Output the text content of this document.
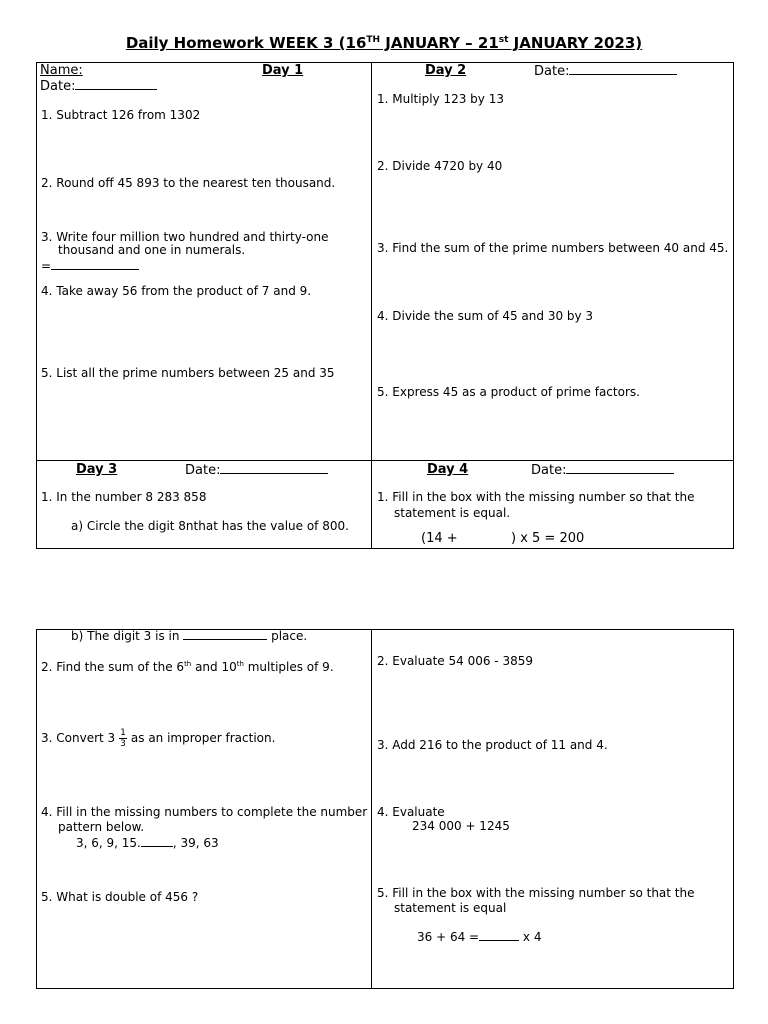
Daily Homework WEEK 3 (16TH JANUARY – 21st JANUARY 2023)
Name:	Day 1
Date:
1. Subtract 126 from 1302
2. Round off 45 893 to the nearest ten thousand.
3. Write four million two hundred and thirty-one
thousand and one in numerals.
=
4. Take away 56 from the product of 7 and 9.
5. List all the prime numbers between 25 and 35
Day 2	Date:
1. Multiply 123 by 13
2. Divide 4720 by 40
3. Find the sum of the prime numbers between 40 and 45.
4. Divide the sum of 45 and 30 by 3
5. Express 45 as a product of prime factors.
Day 3	Date:
1. In the number 8 283 858
a) Circle the digit 8nthat has the value of 800.
Day 4	Date:
1. Fill in the box with the missing number so that the
statement is equal.
(14 +	) x 5 = 200
b) The digit 3 is in	place.
2. Find the sum of the 6th and 10th multiples of 9.
3. Convert $3 \frac{1}{3}$ as an improper fraction.
4. Fill in the missing numbers to complete the number
pattern below.
3, 6, 9, 15.	, 39, 63
5. What is double of 456 ?
2. Evaluate 54 006 - 3859
3. Add 216 to the product of 11 and 4.
4. Evaluate
234 000 + 1245
5. Fill in the box with the missing number so that the
statement is equal
36 + 64 =	x 4
